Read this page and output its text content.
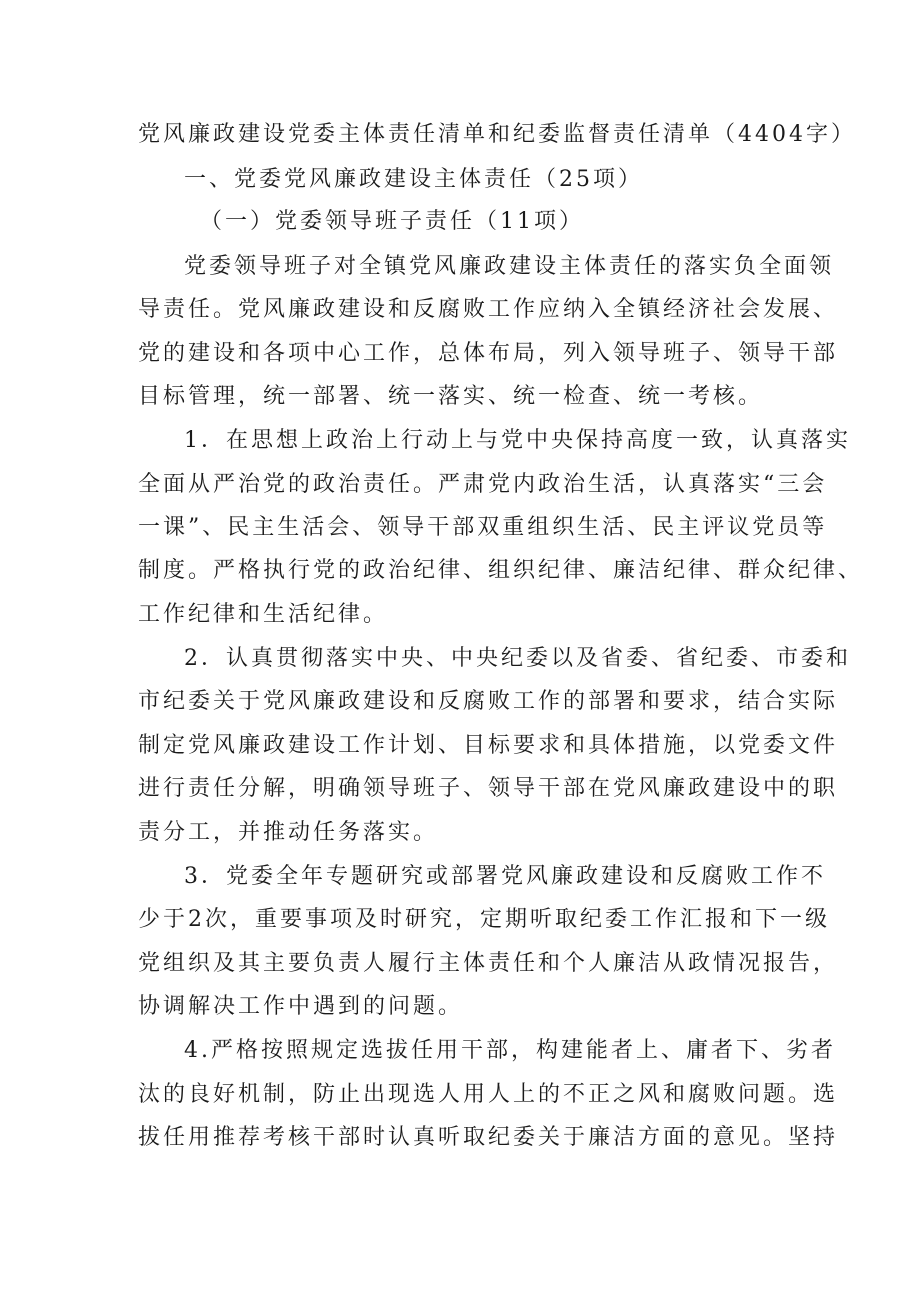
党风廉政建设党委主体责任清单和纪委监督责任清单（4404字）
一、党委党风廉政建设主体责任（25项）
（一）党委领导班子责任（11项）
党委领导班子对全镇党风廉政建设主体责任的落实负全面领
导责任。党风廉政建设和反腐败工作应纳入全镇经济社会发展、
党的建设和各项中心工作，总体布局，列入领导班子、领导干部
目标管理，统一部署、统一落实、统一检查、统一考核。
1．在思想上政治上行动上与党中央保持高度一致，认真落实
全面从严治党的政治责任。严肃党内政治生活，认真落实“三会
一课”、民主生活会、领导干部双重组织生活、民主评议党员等
制度。严格执行党的政治纪律、组织纪律、廉洁纪律、群众纪律、
工作纪律和生活纪律。
2．认真贯彻落实中央、中央纪委以及省委、省纪委、市委和
市纪委关于党风廉政建设和反腐败工作的部署和要求，结合实际
制定党风廉政建设工作计划、目标要求和具体措施，以党委文件
进行责任分解，明确领导班子、领导干部在党风廉政建设中的职
责分工，并推动任务落实。
3．党委全年专题研究或部署党风廉政建设和反腐败工作不
少于2次，重要事项及时研究，定期听取纪委工作汇报和下一级
党组织及其主要负责人履行主体责任和个人廉洁从政情况报告，
协调解决工作中遇到的问题。
4.严格按照规定选拔任用干部，构建能者上、庸者下、劣者
汰的良好机制，防止出现选人用人上的不正之风和腐败问题。选
拔任用推荐考核干部时认真听取纪委关于廉洁方面的意见。坚持
